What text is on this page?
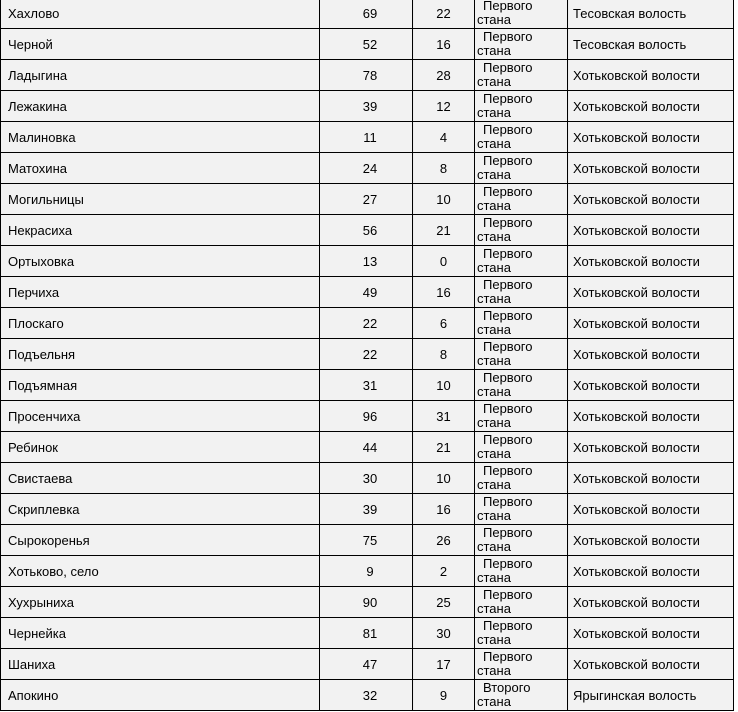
Хахлово	69	22	Первого стана	Тесовская волость
Черной	52	16	Первого стана	Тесовская волость
Ладыгина	78	28	Первого стана	Хотьковской волости
Лежакина	39	12	Первого стана	Хотьковской волости
Малиновка	11	4	Первого стана	Хотьковской волости
Матохина	24	8	Первого стана	Хотьковской волости
Могильницы	27	10	Первого стана	Хотьковской волости
Некрасиха	56	21	Первого стана	Хотьковской волости
Ортыховка	13	0	Первого стана	Хотьковской волости
Перчиха	49	16	Первого стана	Хотьковской волости
Плоскаго	22	6	Первого стана	Хотьковской волости
Подъельня	22	8	Первого стана	Хотьковской волости
Подъямная	31	10	Первого стана	Хотьковской волости
Просенчиха	96	31	Первого стана	Хотьковской волости
Ребинок	44	21	Первого стана	Хотьковской волости
Свистаева	30	10	Первого стана	Хотьковской волости
Скриплевка	39	16	Первого стана	Хотьковской волости
Сырокоренья	75	26	Первого стана	Хотьковской волости
Хотьково, село	9	2	Первого стана	Хотьковской волости
Хухрыниха	90	25	Первого стана	Хотьковской волости
Чернейка	81	30	Первого стана	Хотьковской волости
Шаниха	47	17	Первого стана	Хотьковской волости
Апокино	32	9	Второго стана	Ярыгинская волость
